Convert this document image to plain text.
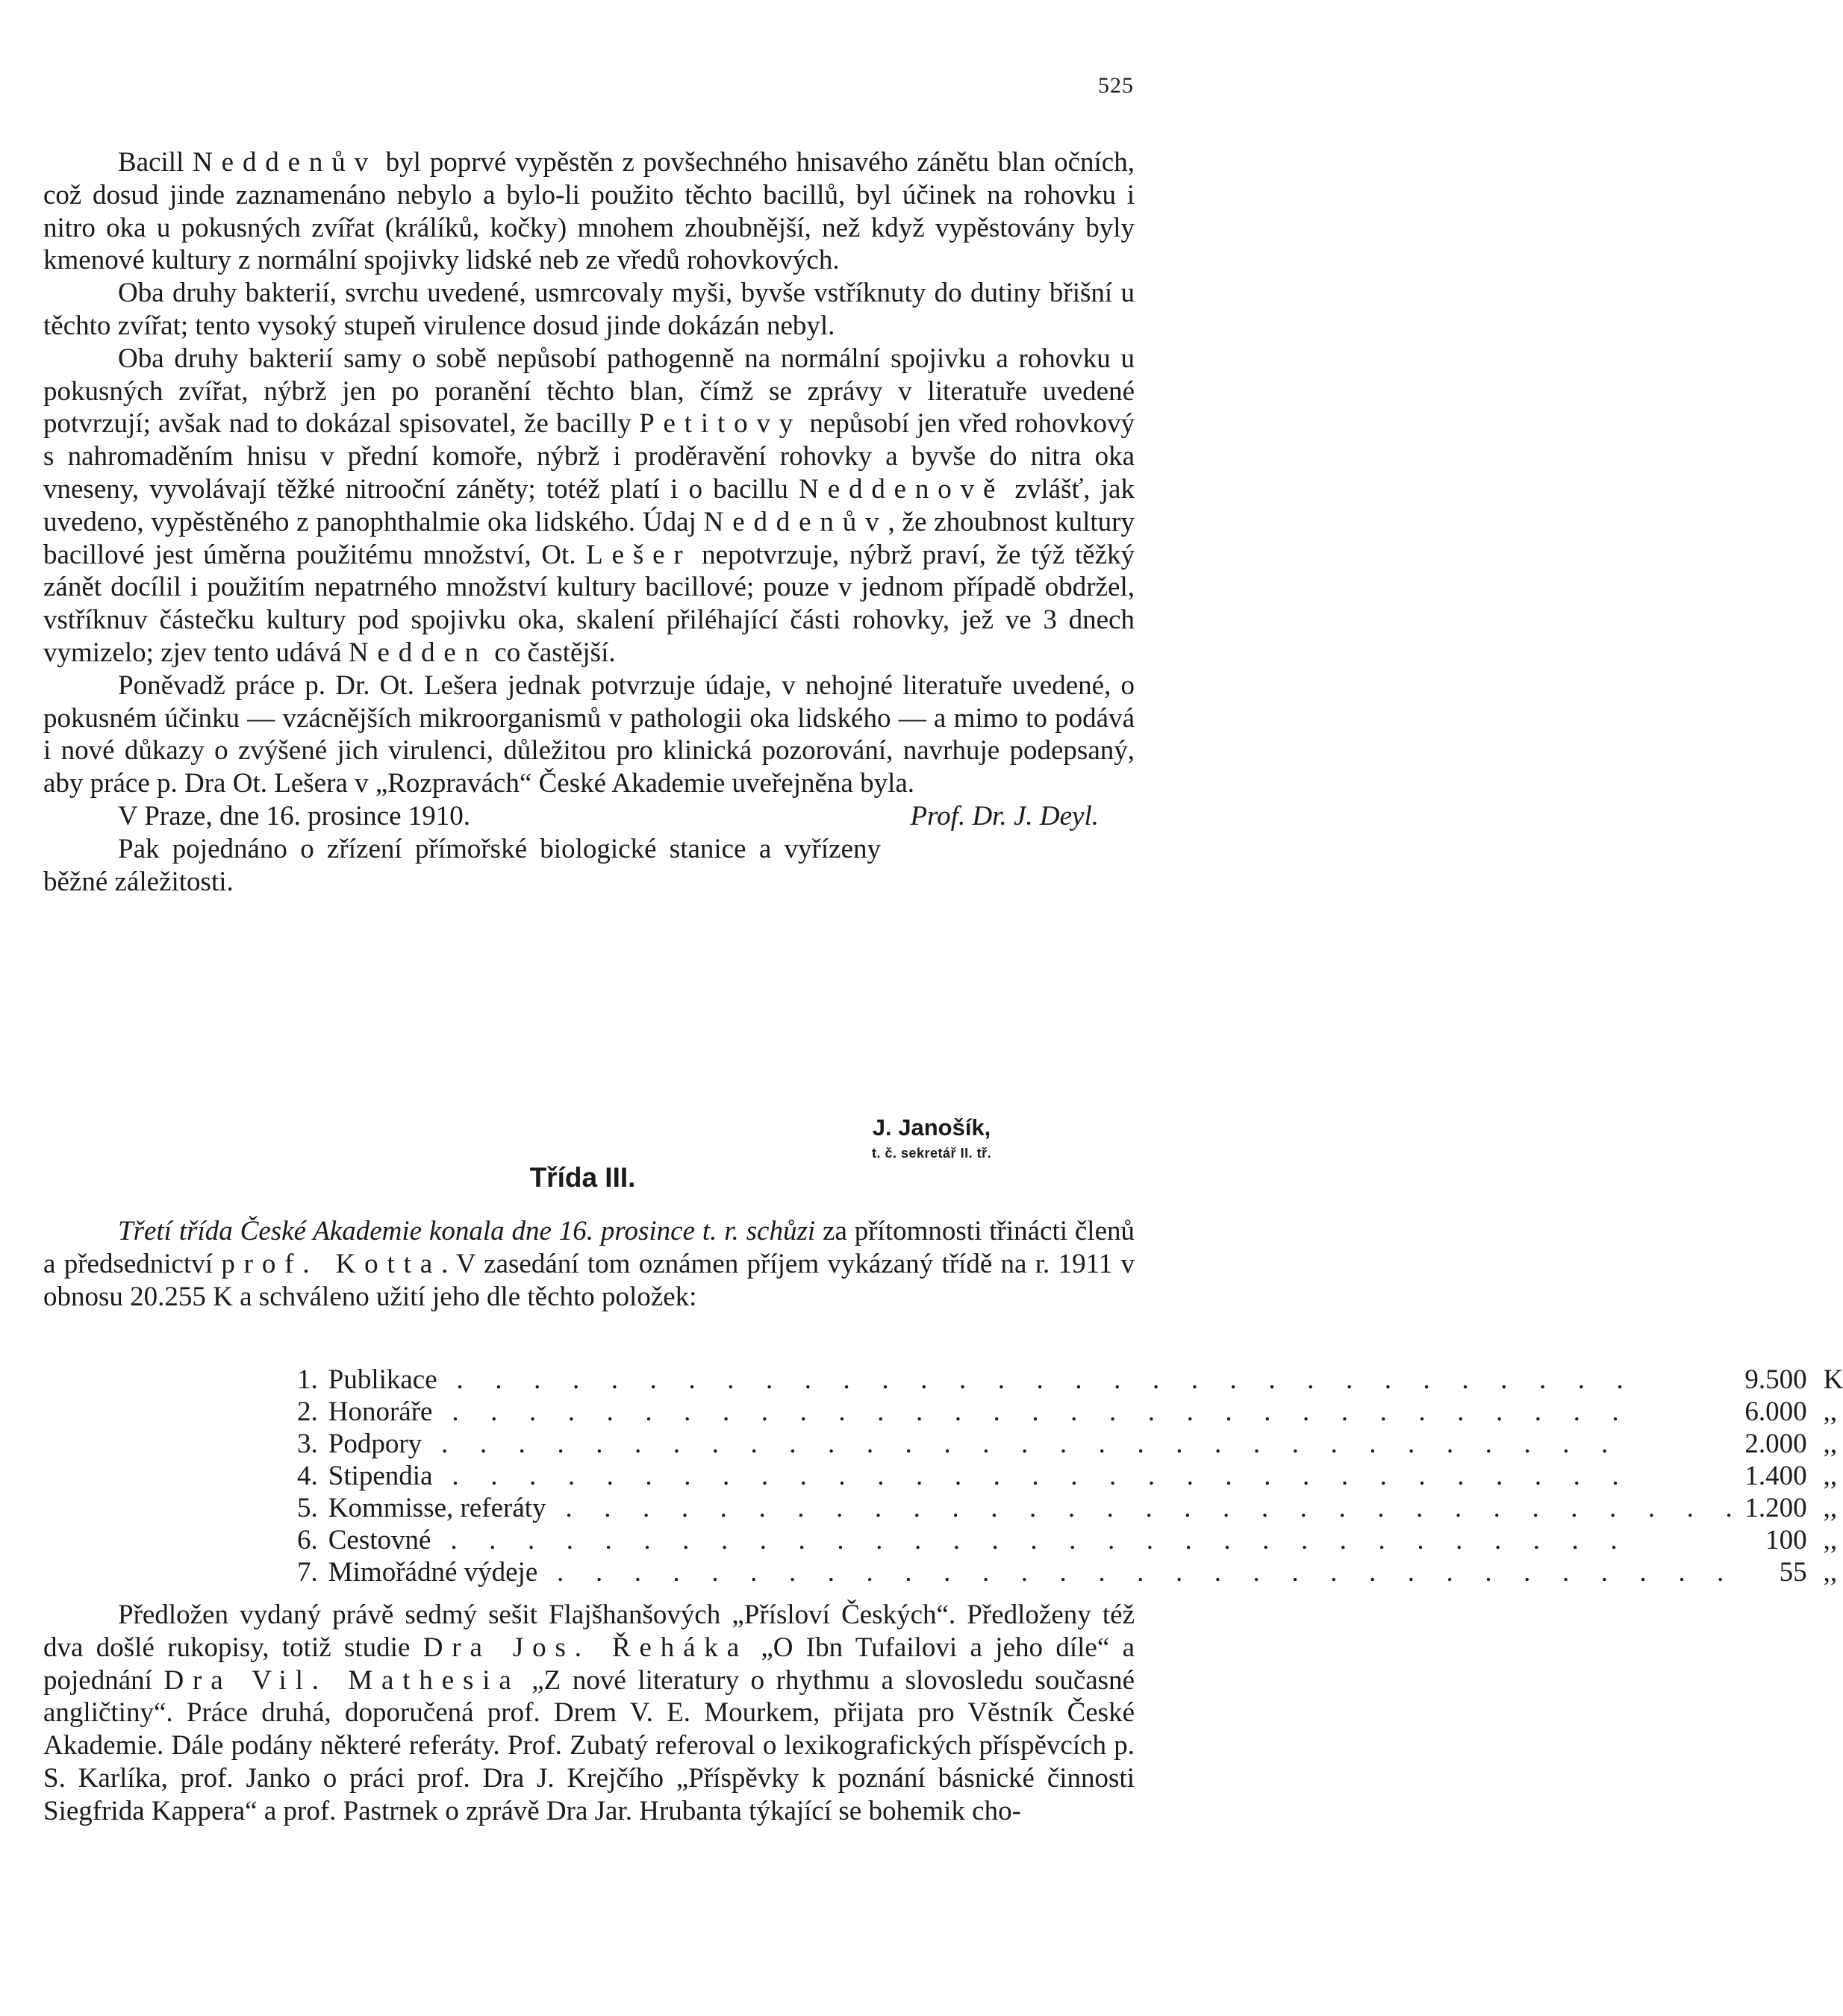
525

Bacill Neddenův byl poprvé vypěstěn z povšechného hnisavého zánětu blan očních, což dosud jinde zaznamenáno nebylo a bylo-li použito těchto bacillů, byl účinek na rohovku i nitro oka u pokusných zvířat (králíků, kočky) mnohem zhoubnější, než když vypěstovány byly kmenové kultury z normální spojivky lidské neb ze vředů rohovkových.

Oba druhy bakterií, svrchu uvedené, usmrcovaly myši, byvše vstříknuty do dutiny břišní u těchto zvířat; tento vysoký stupeň virulence dosud jinde dokázán nebyl.

Oba druhy bakterií samy o sobě nepůsobí pathogenně na normální spojivku a rohovku u pokusných zvířat, nýbrž jen po poranění těchto blan, čímž se zprávy v literatuře uvedené potvrzují; avšak nad to dokázal spisovatel, že bacilly Petitovy nepůsobí jen vřed rohovkový s nahromaděním hnisu v přední komoře, nýbrž i proděravění rohovky a byvše do nitra oka vneseny, vyvolávají těžké nitrooční záněty; totéž platí i o bacillu Neddenově zvlášť, jak uvedeno, vypěstěného z panophthalmie oka lidského. Údaj Neddenův, že zhoubnost kultury bacillové jest úměrna použitému množství, Ot. Lešer nepotvrzuje, nýbrž praví, že týž těžký zánět docílil i použitím nepatrného množství kultury bacillové; pouze v jednom případě obdržel, vstříknuv částečku kultury pod spojivku oka, skalení přiléhající části rohovky, jež ve 3 dnech vymizelo; zjev tento udává Nedden co častější.

Poněvadž práce p. Dr. Ot. Lešera jednak potvrzuje údaje, v nehojné literatuře uvedené, o pokusném účinku — vzácnějších mikroorganismů v pathologii oka lidského — a mimo to podává i nové důkazy o zvýšené jich virulenci, důležitou pro klinická pozorování, navrhuje podepsaný, aby práce p. Dra Ot. Lešera v „Rozpravách“ České Akademie uveřejněna byla.

V Praze, dne 16. prosince 1910.	Prof. Dr. J. Deyl.

Pak pojednáno o zřízení přímořské biologické stanice a vyřízeny běžné záležitosti.

J. Janošík,
t. č. sekretář II. tř.
Třída III.

Třetí třída České Akademie konala dne 16. prosince t. r. schůzi za přítomnosti třinácti členů a předsednictví prof. Kotta. V zasedání tom oznámen příjem vykázaný třídě na r. 1911 v obnosu 20.255 K a schváleno užití jeho dle těchto položek:

1.	Publikace . . .	9.500	K
2.	Honoráře . . .	6.000	,,
3.	Podpory . . .	2.000	,,
4.	Stipendia . . .	1.400	,,
5.	Kommisse, referáty . . .	1.200	,,
6.	Cestovné . . .	100	,,
7.	Mimořádné výdeje . . .	55	,,

Předložen vydaný právě sedmý sešit Flajšhanšových „Přísloví Českých“. Předloženy též dva došlé rukopisy, totiž studie Dra Jos. Řeháka „O Ibn Tufailovi a jeho díle“ a pojednání Dra Vil. Mathesia „Z nové literatury o rhythmu a slovosledu současné angličtiny“. Práce druhá, doporučená prof. Drem V. E. Mourkem, přijata pro Věstník České Akademie. Dále podány některé referáty. Prof. Zubatý referoval o lexikografických příspěvcích p. S. Karlíka, prof. Janko o práci prof. Dra J. Krejčího „Příspěvky k poznání básnické činnosti Siegfrida Kappera“ a prof. Pastrnek o zprávě Dra Jar. Hrubanta týkající se bohemik cho-
